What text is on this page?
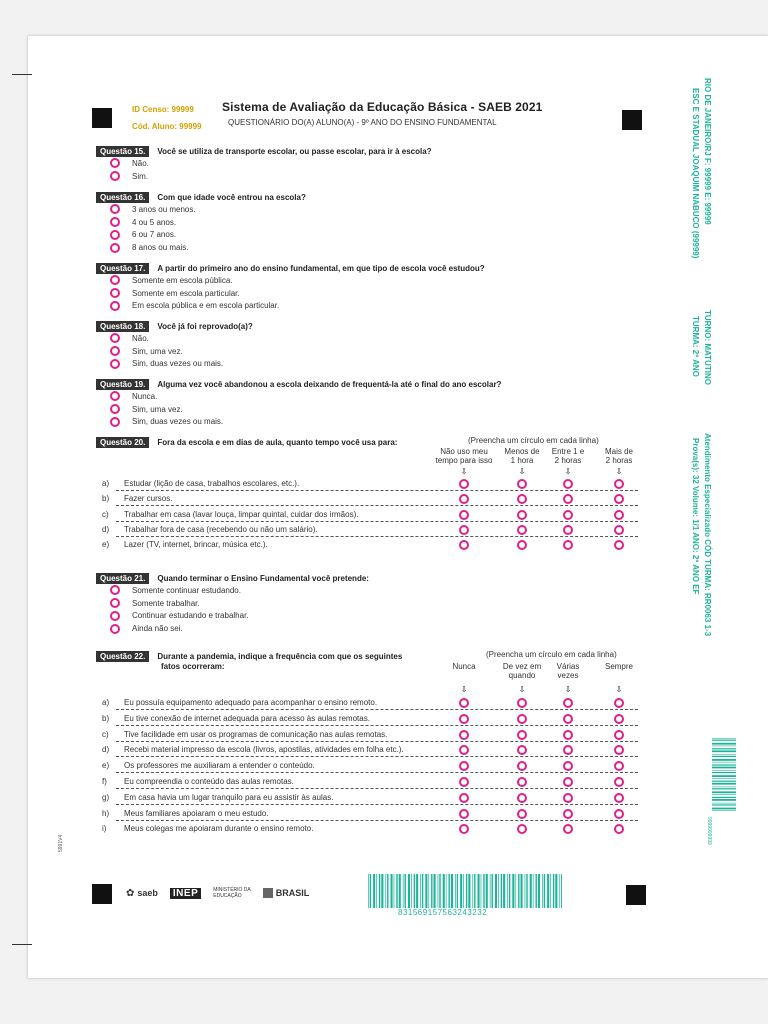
ID Censo: 99999
Cód. Aluno: 99999
Sistema de Avaliação da Educação Básica - SAEB 2021
QUESTIONÁRIO DO(A) ALUNO(A) - 9º ANO DO ENSINO FUNDAMENTAL
Questão 15.	Você se utiliza de transporte escolar, ou passe escolar, para ir à escola?
Não.
Sim.
Questão 16.	Com que idade você entrou na escola?
3 anos ou menos.
4 ou 5 anos.
6 ou 7 anos.
8 anos ou mais.
Questão 17.	A partir do primeiro ano do ensino fundamental, em que tipo de escola você estudou?
Somente em escola pública.
Somente em escola particular.
Em escola pública e em escola particular.
Questão 18.	Você já foi reprovado(a)?
Não.
Sim, uma vez.
Sim, duas vezes ou mais.
Questão 19.	Alguma vez você abandonou a escola deixando de frequentá-la até o final do ano escolar?
Nunca.
Sim, uma vez.
Sim, duas vezes ou mais.
Questão 20.	Fora da escola e em dias de aula, quanto tempo você usa para:	(Preencha um círculo em cada linha)
Não uso meu
tempo para isso
⇩
Menos de
1 hora
⇩
Entre 1 e
2 horas
⇩
Mais de
2 horas
⇩
a) Estudar (lição de casa, trabalhos escolares, etc.).
b) Fazer cursos.
c) Trabalhar em casa (lavar louça, limpar quintal, cuidar dos irmãos).
d) Trabalhar fora de casa (recebendo ou não um salário).
e) Lazer (TV, internet, brincar, música etc.).
Questão 21.	Quando terminar o Ensino Fundamental você pretende:
Somente continuar estudando.
Somente trabalhar.
Continuar estudando e trabalhar.
Ainda não sei.
Questão 22.	Durante a pandemia, indique a frequência com que os seguintes
fatos ocorreram:
(Preencha um círculo em cada linha)
Nunca
⇩
De vez em
quando
⇩
Várias
vezes
⇩
Sempre
⇩
a) Eu possuía equipamento adequado para acompanhar o ensino remoto.
b) Eu tive conexão de internet adequada para acesso às aulas remotas.
c) Tive facilidade em usar os programas de comunicação nas aulas remotas.
d) Recebi material impresso da escola (livros, apostilas, atividades em folha etc.).
e) Os professores me auxiliaram a entender o conteúdo.
f) Eu compreendia o conteúdo das aulas remotas.
g) Em casa havia um lugar tranquilo para eu assistir às aulas.
h) Meus familiares apoiaram o meu estudo.
i) Meus colegas me apoiaram durante o ensino remoto.
RIO DE JANEIRO/RJ F: 99999 E: 99999
ESC E STADUAL JOAQUIM NABUCO (99999)
TURNO: MATUTINO
TURMA: 2º ANO
Atendimento Especializado CÓD TURMA: RR0063 1-3
Prova(s): 32 Volume: 1/1 ANO: 2º ANO EF
9999999999
5991V4
✿ saeb	INEP	MINISTÉRIO DA
EDUCAÇÃO	BRASIL
831569157563243232
